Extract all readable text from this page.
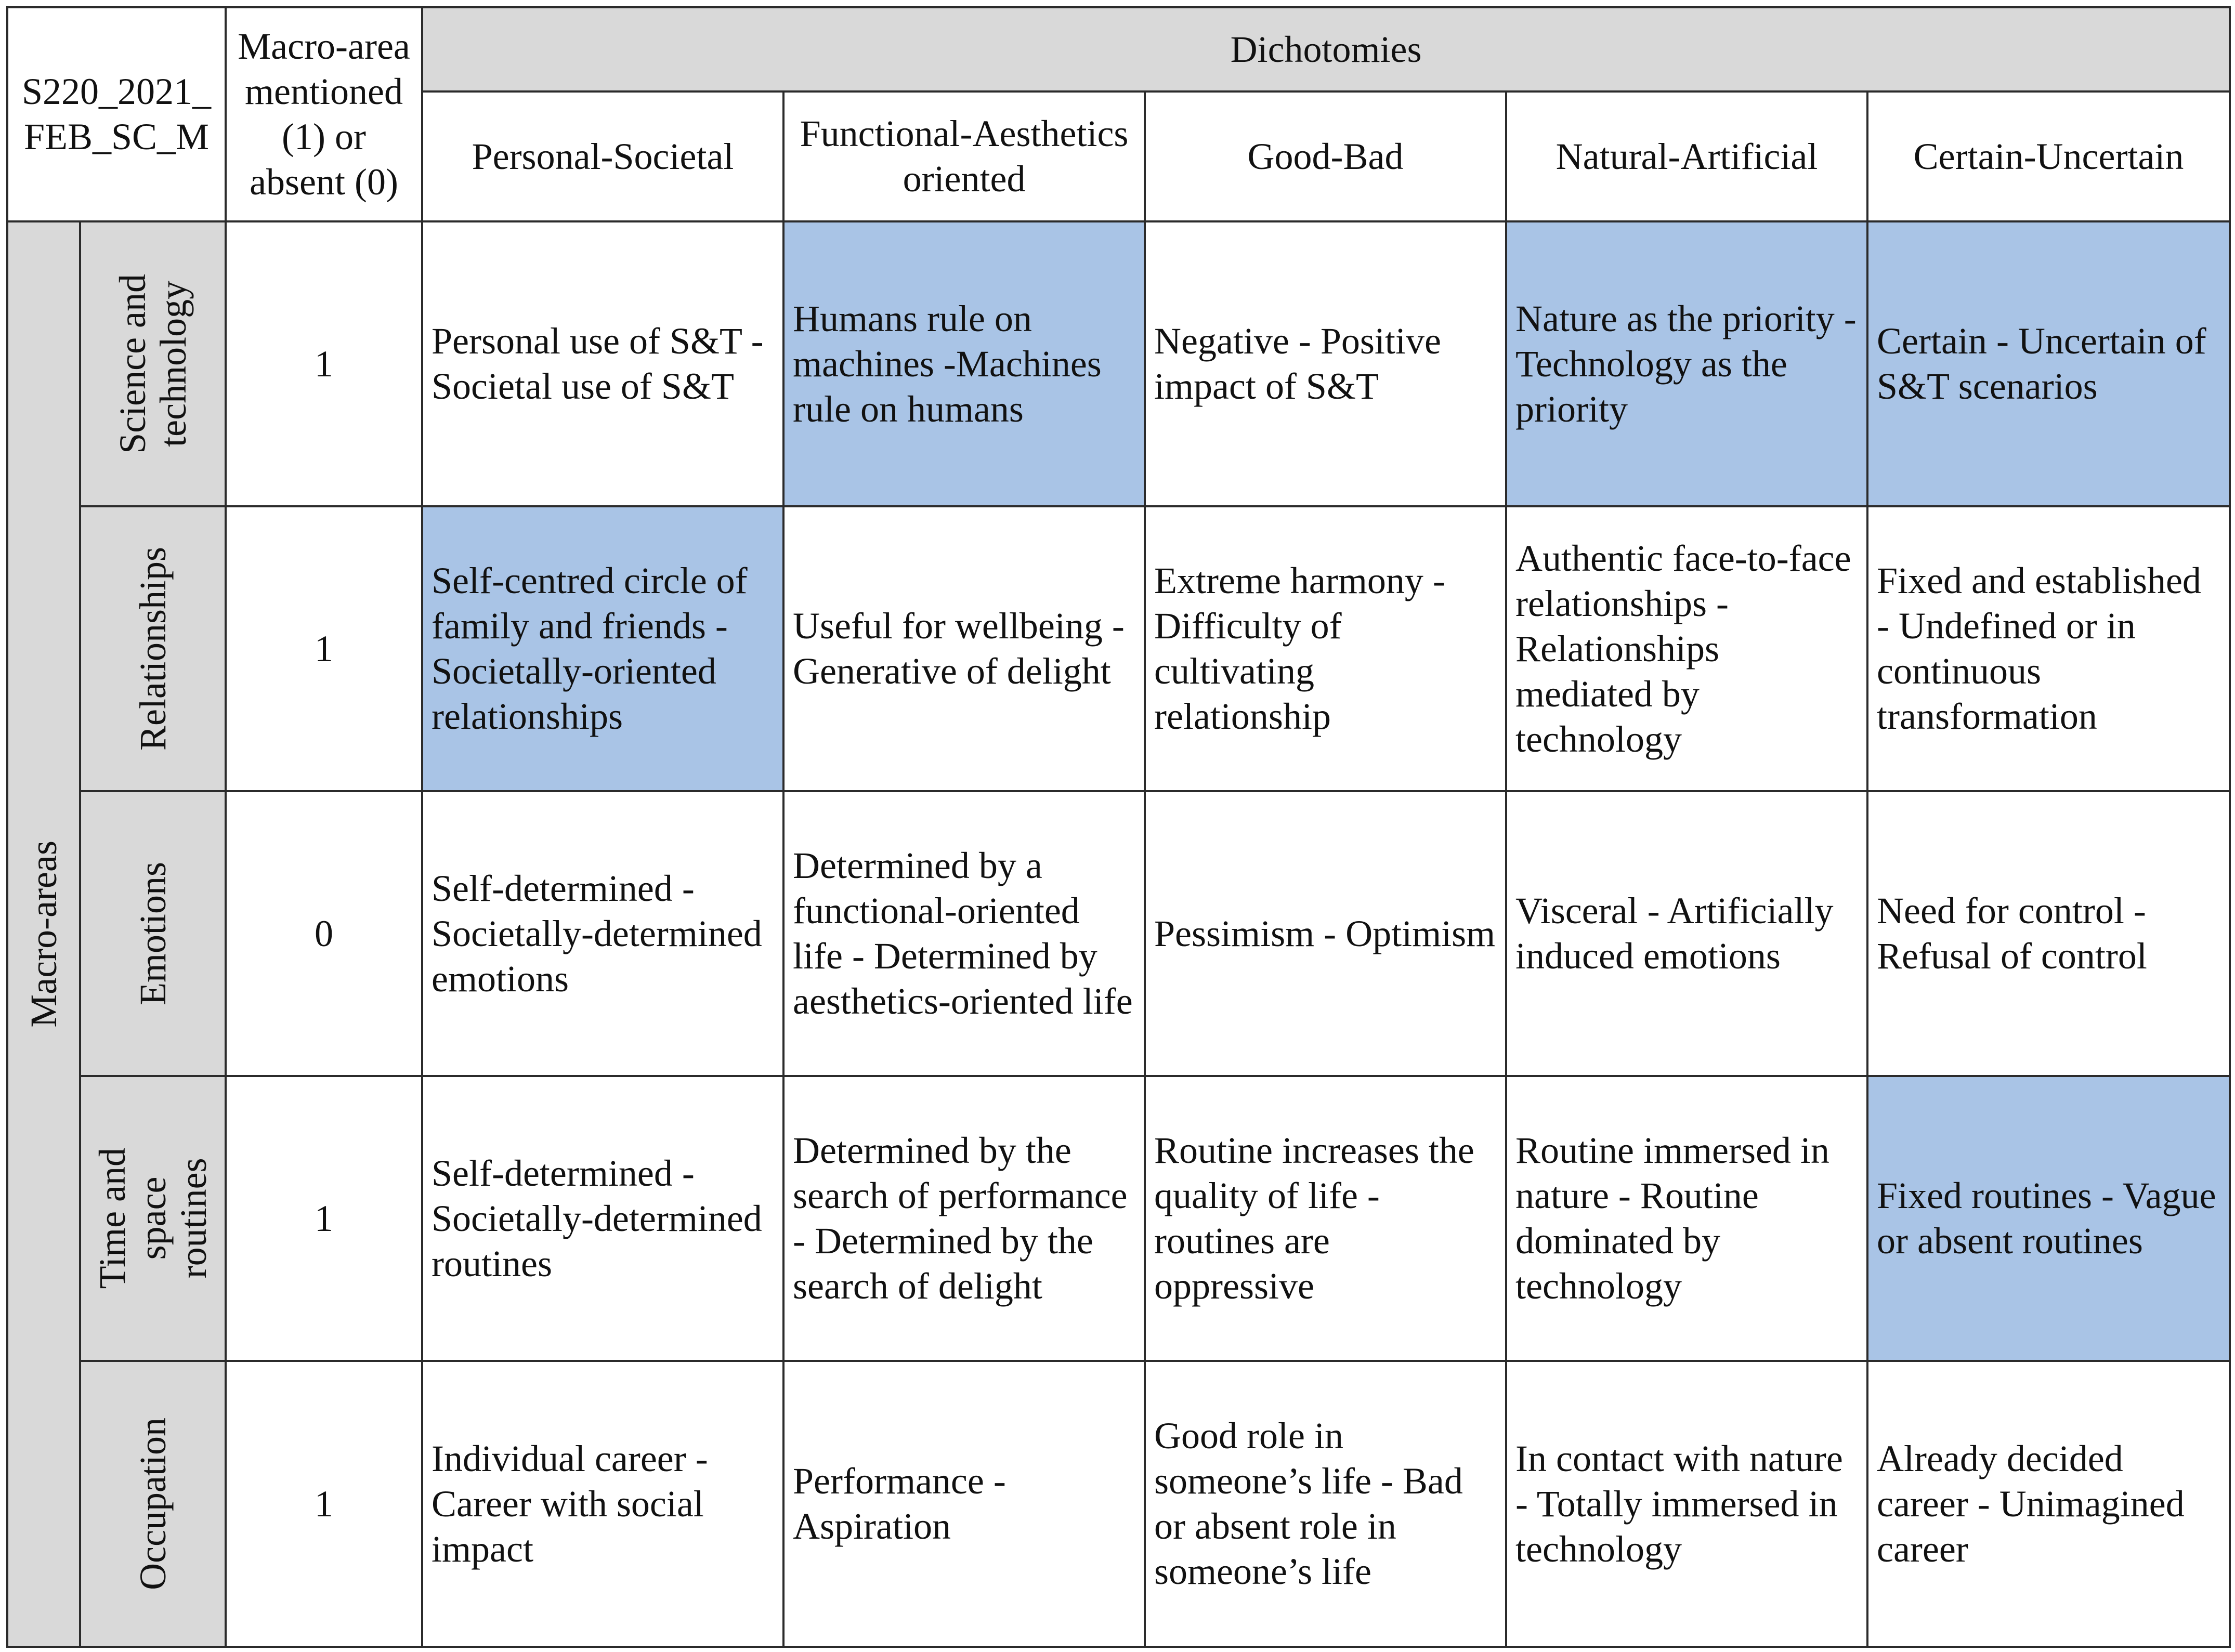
S220_2021_
FEB_SC_M		Macro-area mentioned (1) or absent (0)	Dichotomies				
			Personal-Societal	Functional-Aesthetics oriented	Good-Bad	Natural-Artificial	Certain-Uncertain

Macro-areas	Science and
technology	1	Personal use of S&T - Societal use of S&T	Humans rule on machines -Machines rule on humans	Negative - Positive impact of S&T	Nature as the priority - Technology as the priority	Certain - Uncertain of S&T scenarios

	Relationships	1	Self-centred circle of family and friends - Societally-oriented relationships	Useful for wellbeing - Generative of delight	Extreme harmony - Difficulty of cultivating relationship	Authentic face-to-face relationships - Relationships mediated by technology	Fixed and established - Undefined or in continuous transformation

	Emotions	0	Self-determined - Societally-determined emotions	Determined by a functional-oriented life - Determined by aesthetics-oriented life	Pessimism - Optimism	Visceral - Artificially induced emotions	Need for control - Refusal of control

	Time and
space
routines	1	Self-determined - Societally-determined routines	Determined by the search of performance - Determined by the search of delight	Routine increases the quality of life - routines are oppressive	Routine immersed in nature - Routine dominated by technology	Fixed routines - Vague or absent routines

	Occupation	1	Individual career - Career with social impact	Performance - Aspiration	Good role in someone’s life - Bad or absent role in someone’s life	In contact with nature - Totally immersed in technology	Already decided career - Unimagined career
